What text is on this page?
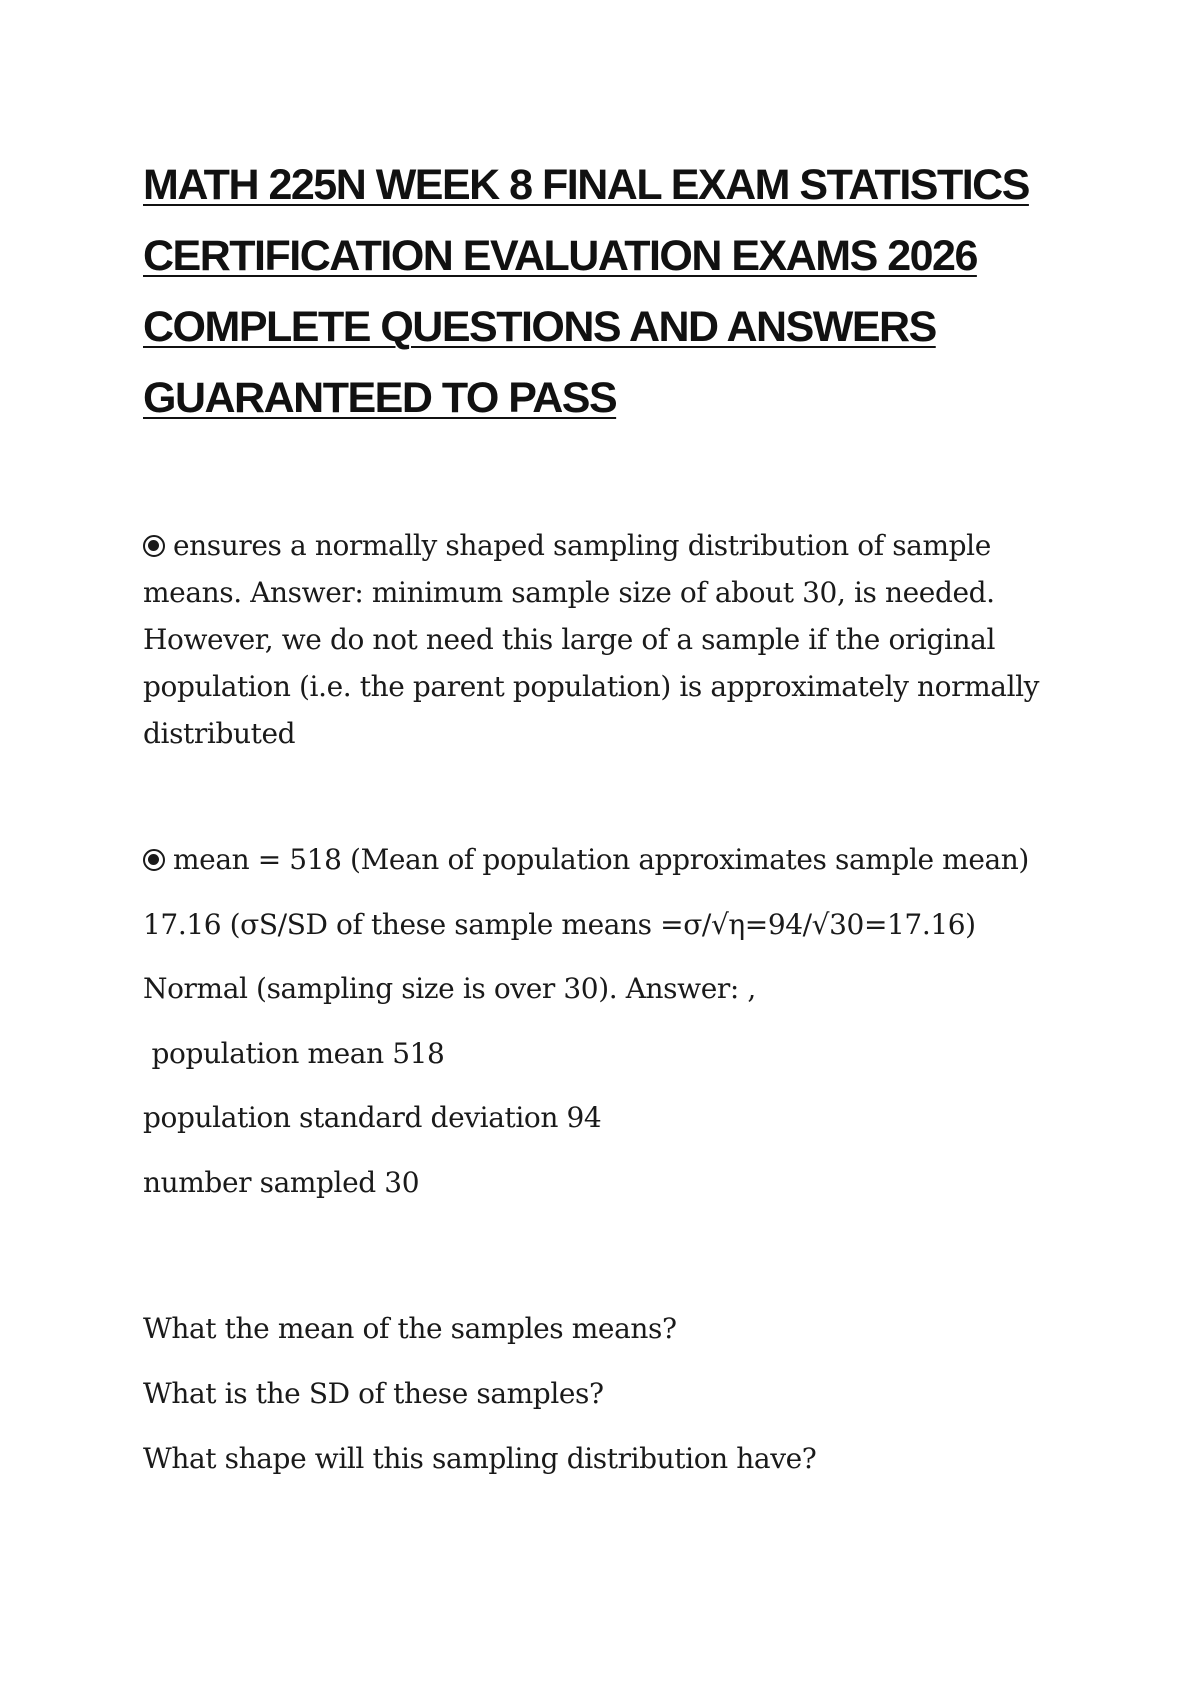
MATH 225N WEEK 8 FINAL EXAM STATISTICS
CERTIFICATION EVALUATION EXAMS 2026
COMPLETE QUESTIONS AND ANSWERS
GUARANTEED TO PASS

ensures a normally shaped sampling distribution of sample means. Answer: minimum sample size of about 30, is needed. However, we do not need this large of a sample if the original population (i.e. the parent population) is approximately normally distributed

mean = 518 (Mean of population approximates sample mean)
17.16 (σS/SD of these sample means =σ/√η=94/√30=17.16)
Normal (sampling size is over 30). Answer: ,
population mean 518
population standard deviation 94
number sampled 30
What the mean of the samples means?
What is the SD of these samples?
What shape will this sampling distribution have?
